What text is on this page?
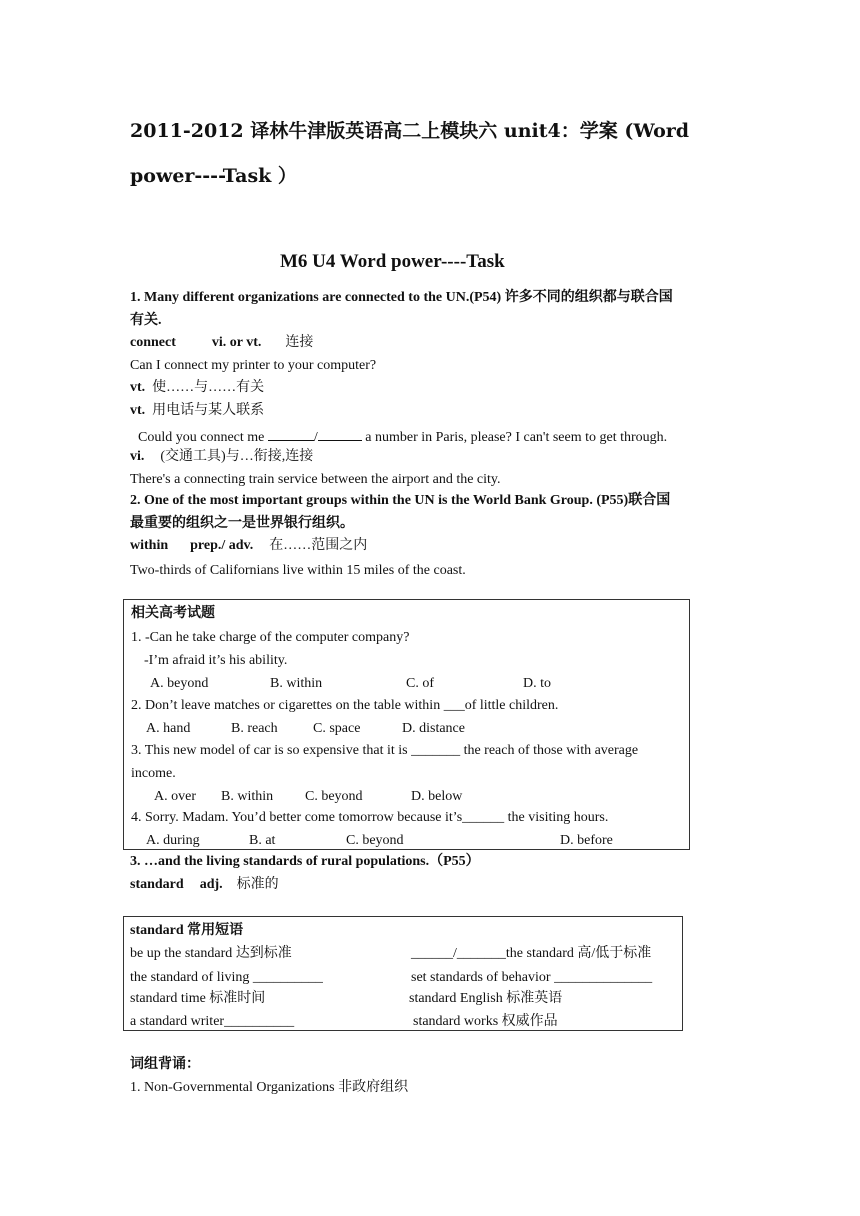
2011-2012 译林牛津版英语高二上模块六 unit4：学案 (Word
power----Task ）
M6 U4 Word power----Task
1. Many different organizations are connected to the UN.(P54) 许多不同的组织都与联合国
有关.
connect	vi. or vt. 连接
Can I connect my printer to your computer?
vt. 使……与……有关
vt. 用电话与某人联系
Could you connect me	/	a number in Paris, please? I can't seem to get through.
vi. (交通工具)与…衔接,连接
There's a connecting train service between the airport and the city.
2. One of the most important groups within the UN is the World Bank Group. (P55)联合国
最重要的组织之一是世界银行组织。
within prep./ adv. 在……范围之内
Two-thirds of Californians live within 15 miles of the coast.
相关高考试题
1. -Can he take charge of the computer company?
-I’m afraid it’s his ability.
A. beyond	B. within	C. of	D. to
2. Don’t leave matches or cigarettes on the table within ___of little children.
A. hand	B. reach	C. space	D. distance
3. This new model of car is so expensive that it is _______ the reach of those with average
income.
A. over B. within C. beyond	D. below
4. Sorry. Madam. You’d better come tomorrow because it’s______ the visiting hours.
A. during	B. at	C. beyond	D. before
3. …and the living standards of rural populations.（P55）
standard adj. 标准的
standard 常用短语
be up the standard 达到标准	______/_______the standard 高/低于标准
the standard of living __________	set standards of behavior ______________
standard time 标准时间	standard English 标准英语
a standard writer__________	standard works 权威作品
词组背诵：
1. Non-Governmental Organizations 非政府组织
